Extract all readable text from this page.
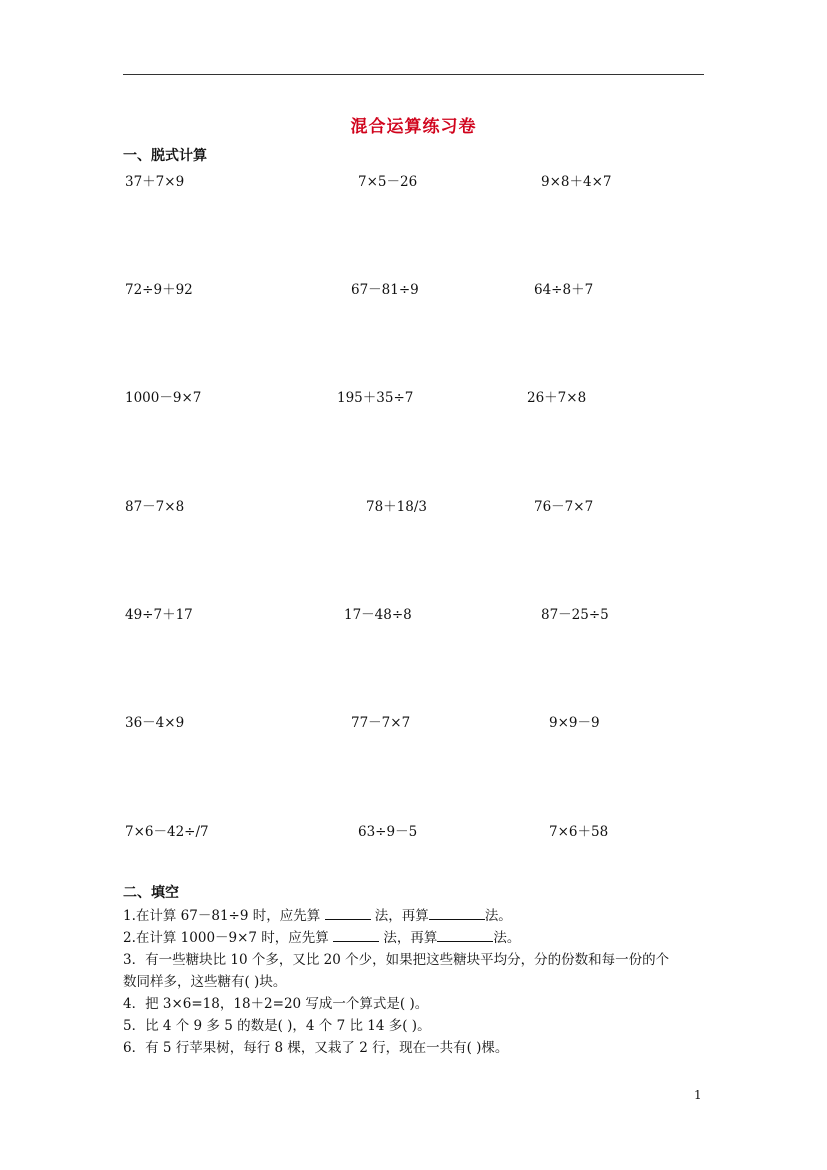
混合运算练习卷
一、脱式计算
37＋7×9	7×5－26	9×8＋4×7
72÷9＋92	67－81÷9	64÷8＋7
1000－9×7	195＋35÷7	26＋7×8
87－7×8	78＋18/3	76－7×7
49÷7＋17	17－48÷8	87－25÷5
36－4×9	77－7×7	9×9－9
7×6－42÷/7	63÷9－5	7×6＋58
二、填空
1.在计算 67－81÷9 时，应先算	法，再算	法。
2.在计算 1000－9×7 时，应先算	法，再算	法。
3．有一些糖块比 10 个多，又比 20 个少，如果把这些糖块平均分，分的份数和每一份的个
数同样多，这些糖有( )块。
4．把 3×6=18，18＋2=20 写成一个算式是( )。
5．比 4 个 9 多 5 的数是( )，4 个 7 比 14 多( )。
6．有 5 行苹果树，每行 8 棵，又栽了 2 行，现在一共有( )棵。
1
